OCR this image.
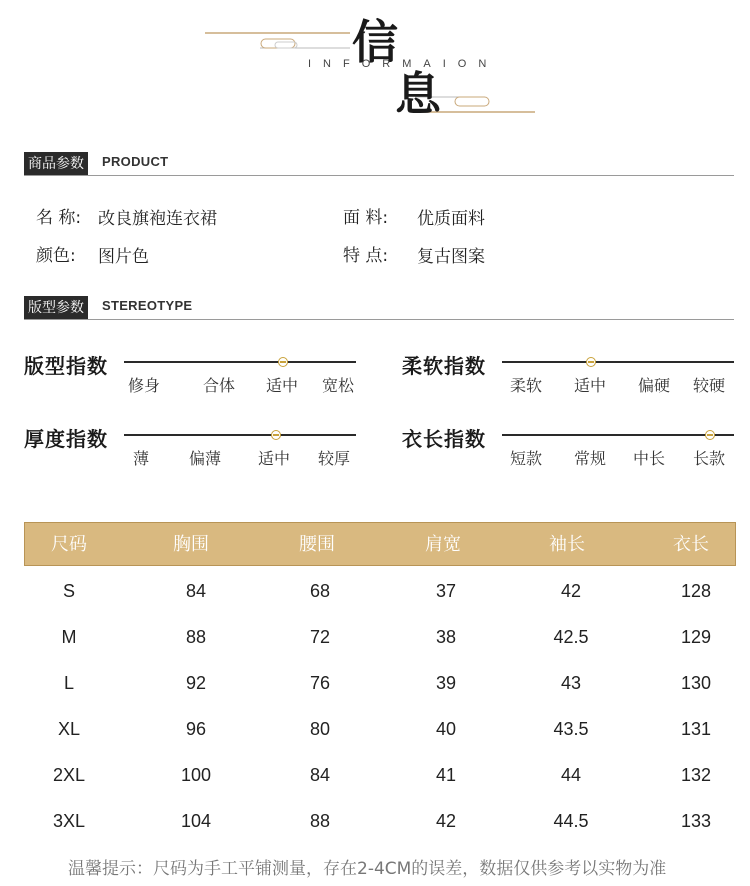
信
息
INFORMAION
商品参数	PRODUCT
名 称: 改良旗袍连衣裙	面 料: 优质面料
颜色: 图片色	特 点: 复古图案
版型参数	STEREOTYPE
版型指数
修身	合体 适中 宽松
柔软指数
柔软 适中 偏硬 较硬
厚度指数
薄 偏薄 适中 较厚
衣长指数
短款 常规 中长 长款
尺码	胸围	腰围	肩宽	袖长	衣长
S	84	68	37	42	128
M	88	72	38	42.5	129
L	92	76	39	43	130
XL	96	80	40	43.5	131
2XL	100	84	41	44	132
3XL	104	88	42	44.5	133
温馨提示：尺码为手工平铺测量，存在2-4CM的误差，数据仅供参考以实物为准
